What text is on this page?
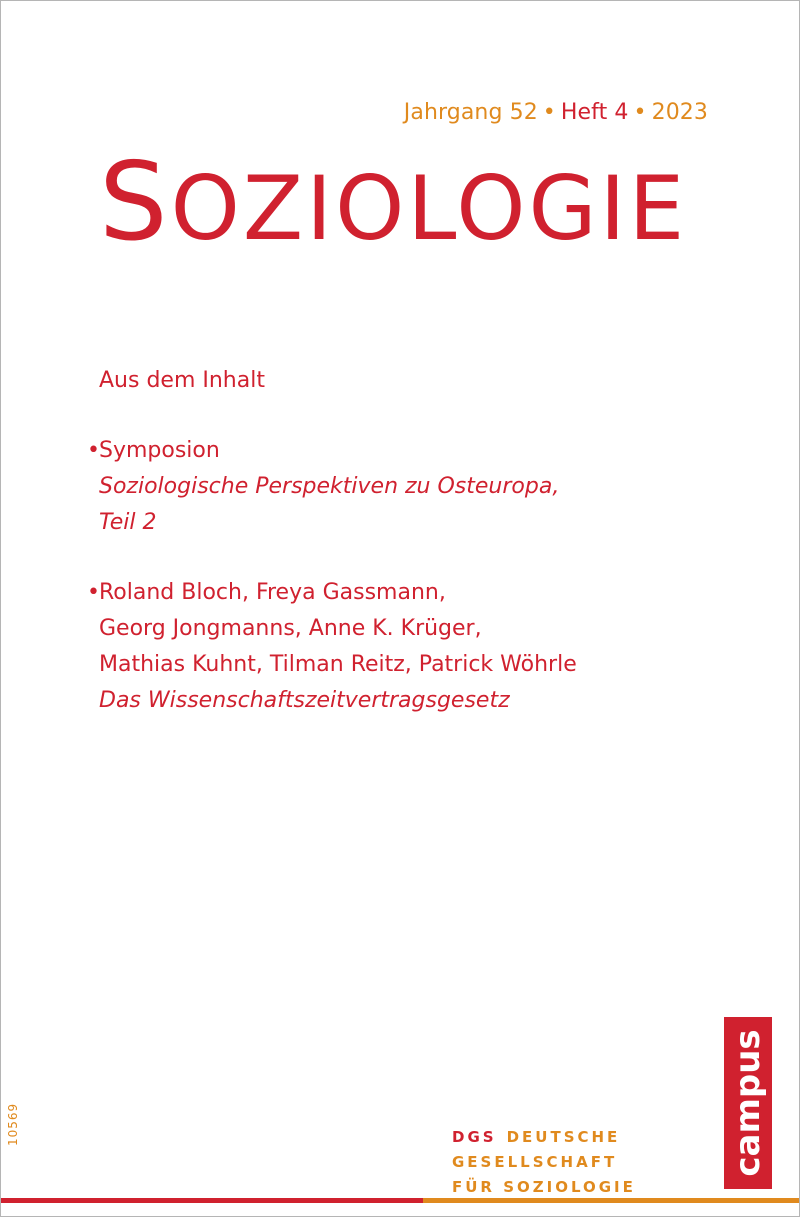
Jahrgang 52 • Heft 4 • 2023
SOZIOLOGIE
Aus dem Inhalt
•Symposion
Soziologische Perspektiven zu Osteuropa,
Teil 2
•Roland Bloch, Freya Gassmann,
Georg Jongmanns, Anne K. Krüger,
Mathias Kuhnt, Tilman Reitz, Patrick Wöhrle
Das Wissenschaftszeitvertragsgesetz
10569	campus
DGS DEUTSCHE
GESELLSCHAFT
FÜR SOZIOLOGIE
